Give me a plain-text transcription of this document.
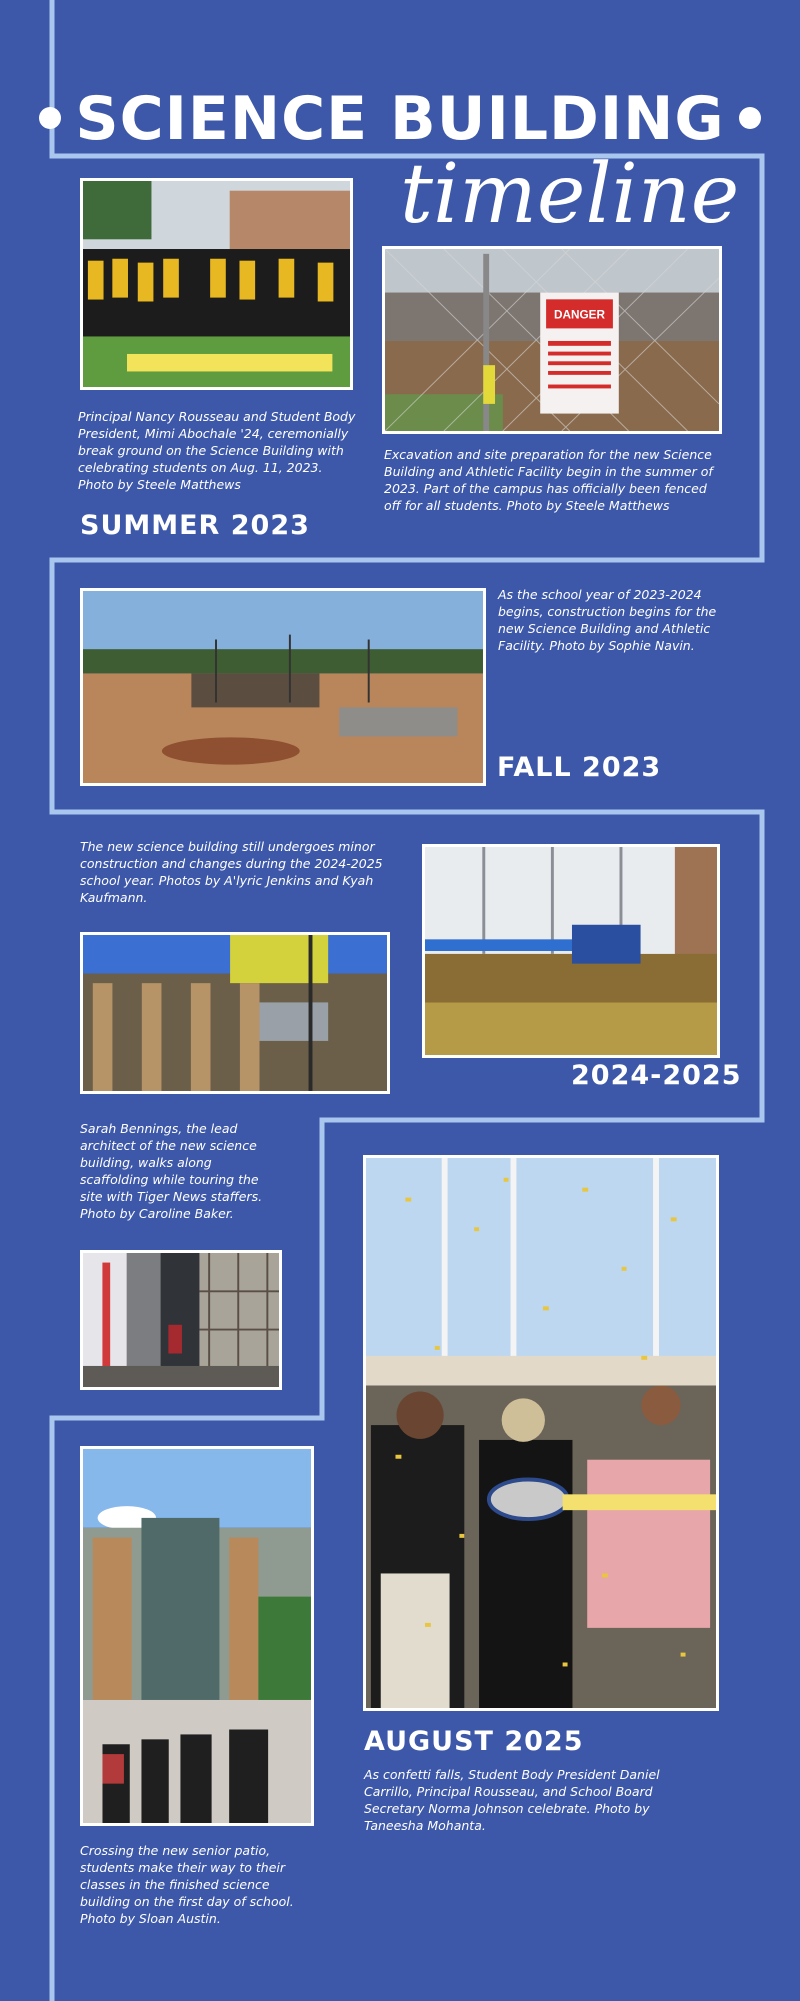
SCIENCE BUILDING
timeline
Principal Nancy Rousseau and Student Body President, Mimi Abochale '24, ceremonially break ground on the Science Building with celebrating students on Aug. 11, 2023. Photo by Steele Matthews
SUMMER 2023
DANGER
Excavation and site preparation for the new Science Building and Athletic Facility begin in the summer of 2023. Part of the campus has officially been fenced off for all students. Photo by Steele Matthews
As the school year of 2023-2024 begins, construction begins for the new Science Building and Athletic Facility. Photo by Sophie Navin.
FALL 2023
The new science building still undergoes minor construction and changes during the 2024-2025 school year. Photos by A'lyric Jenkins and Kyah Kaufmann.
2024-2025
Sarah Bennings, the lead architect of the new science building, walks along scaffolding while touring the site with Tiger News staffers. Photo by Caroline Baker.
AUGUST 2025
As confetti falls, Student Body President Daniel Carrillo, Principal Rousseau, and School Board Secretary Norma Johnson celebrate. Photo by Taneesha Mohanta.
Crossing the new senior patio, students make their way to their classes in the finished science building on the first day of school. Photo by Sloan Austin.
